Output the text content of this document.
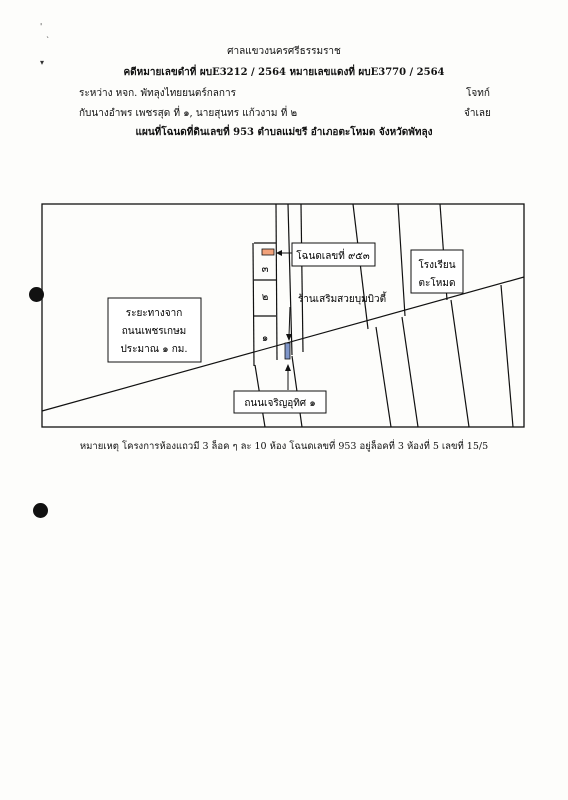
'
`
▾
ศาลแขวงนครศรีธรรมราช
คดีหมายเลขดำที่ ผบE3212 / 2564 หมายเลขแดงที่ ผบE3770 / 2564
ระหว่าง หจก. พัทลุงไทยยนตร์กลการ	โจทก์
กับนางอำพร เพชรสุด ที่ ๑, นายสุนทร แก้วงาม ที่ ๒	จำเลย
แผนที่โฉนดที่ดินเลขที่ 953 ตำบลแม่ขรี อำเภอตะโหมด จังหวัดพัทลุง
๓
๒
๑
โฉนดเลขที่ ๙๕๓
ร้านเสริมสวยบุมบิวตี้
โรงเรียน
ตะโหมด
ระยะทางจาก
ถนนเพชรเกษม
ประมาณ ๑ กม.
ถนนเจริญอุทิศ ๑
หมายเหตุ โครงการห้องแถวมี 3 ล็อค ๆ ละ 10 ห้อง โฉนดเลขที่ 953 อยู่ล็อคที่ 3 ห้องที่ 5 เลขที่ 15/5
